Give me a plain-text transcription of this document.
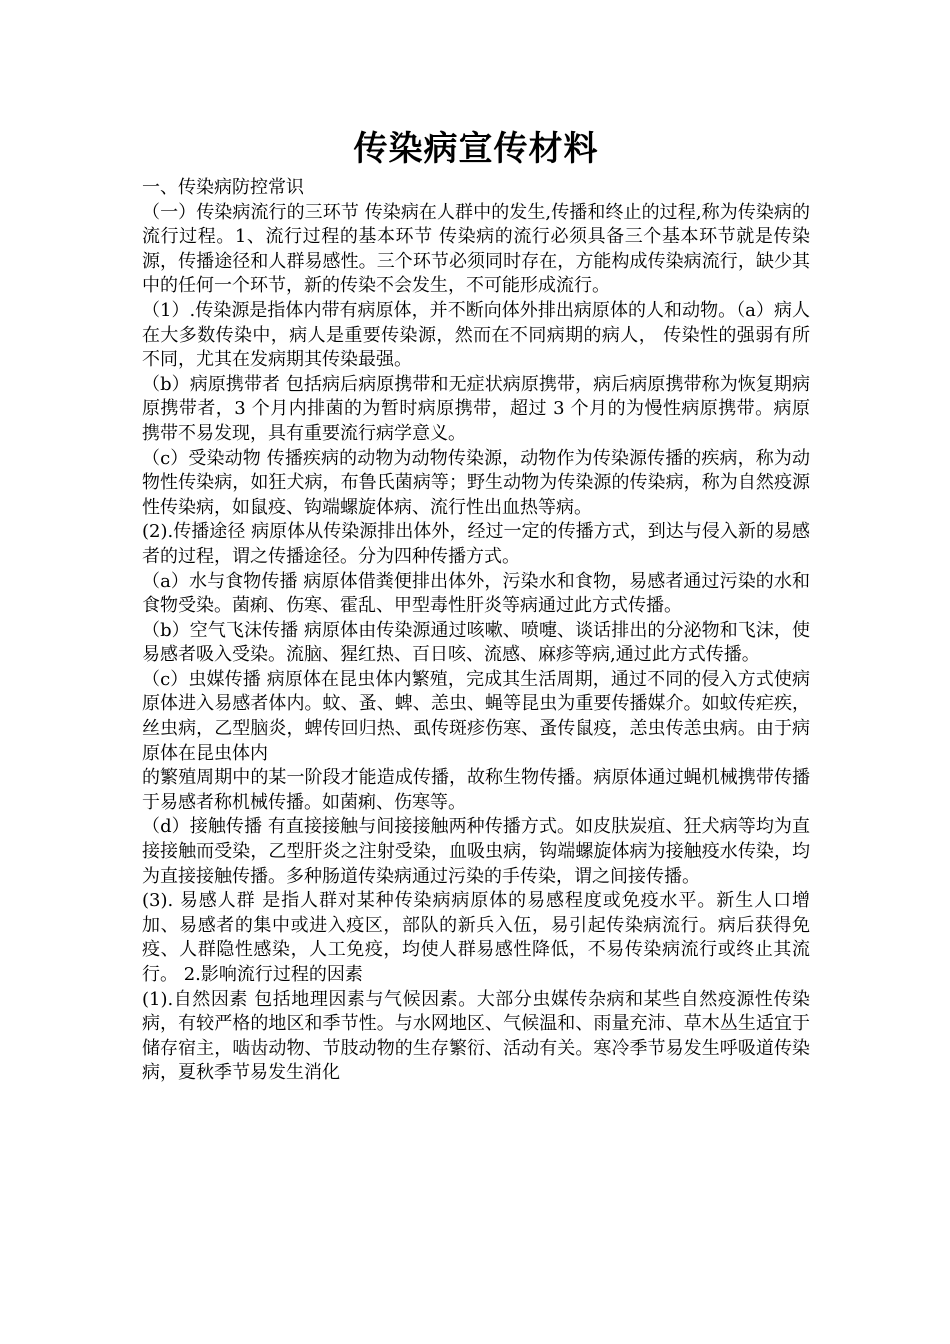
传染病宣传材料

一、传染病防控常识

（一）传染病流行的三环节 传染病在人群中的发生,传播和终止的过程,称为传染病的流行过程。1、流行过程的基本环节 传染病的流行必须具备三个基本环节就是传染源，传播途径和人群易感性。三个环节必须同时存在，方能构成传染病流行，缺少其中的任何一个环节，新的传染不会发生，不可能形成流行。

（1）.传染源是指体内带有病原体，并不断向体外排出病原体的人和动物。（a）病人 在大多数传染中，病人是重要传染源，然而在不同病期的病人， 传染性的强弱有所不同，尤其在发病期其传染最强。

（b）病原携带者 包括病后病原携带和无症状病原携带，病后病原携带称为恢复期病原携带者，3 个月内排菌的为暂时病原携带，超过 3 个月的为慢性病原携带。病原携带不易发现，具有重要流行病学意义。

（c）受染动物 传播疾病的动物为动物传染源，动物作为传染源传播的疾病，称为动物性传染病，如狂犬病，布鲁氏菌病等；野生动物为传染源的传染病，称为自然疫源性传染病，如鼠疫、钩端螺旋体病、流行性出血热等病。

(2).传播途径 病原体从传染源排出体外，经过一定的传播方式，到达与侵入新的易感者的过程，谓之传播途径。分为四种传播方式。

（a）水与食物传播 病原体借粪便排出体外，污染水和食物，易感者通过污染的水和食物受染。菌痢、伤寒、霍乱、甲型毒性肝炎等病通过此方式传播。

（b）空气飞沫传播 病原体由传染源通过咳嗽、喷嚏、谈话排出的分泌物和飞沫，使易感者吸入受染。流脑、猩红热、百日咳、流感、麻疹等病,通过此方式传播。

（c）虫媒传播 病原体在昆虫体内繁殖，完成其生活周期，通过不同的侵入方式使病原体进入易感者体内。蚊、蚤、蜱、恙虫、蝇等昆虫为重要传播媒介。如蚊传疟疾，丝虫病，乙型脑炎，蜱传回归热、虱传斑疹伤寒、蚤传鼠疫，恙虫传恙虫病。由于病原体在昆虫体内

的繁殖周期中的某一阶段才能造成传播，故称生物传播。病原体通过蝇机械携带传播于易感者称机械传播。如菌痢、伤寒等。

（d）接触传播 有直接接触与间接接触两种传播方式。如皮肤炭疽、狂犬病等均为直接接触而受染，乙型肝炎之注射受染，血吸虫病，钩端螺旋体病为接触疫水传染，均为直接接触传播。多种肠道传染病通过污染的手传染，谓之间接传播。

(3). 易感人群 是指人群对某种传染病病原体的易感程度或免疫水平。新生人口增加、易感者的集中或进入疫区，部队的新兵入伍，易引起传染病流行。病后获得免疫、人群隐性感染，人工免疫，均使人群易感性降低，不易传染病流行或终止其流行。 2.影响流行过程的因素

(1).自然因素 包括地理因素与气候因素。大部分虫媒传杂病和某些自然疫源性传染病，有较严格的地区和季节性。与水网地区、气候温和、雨量充沛、草木丛生适宜于储存宿主，啮齿动物、节肢动物的生存繁衍、活动有关。寒冷季节易发生呼吸道传染病，夏秋季节易发生消化
